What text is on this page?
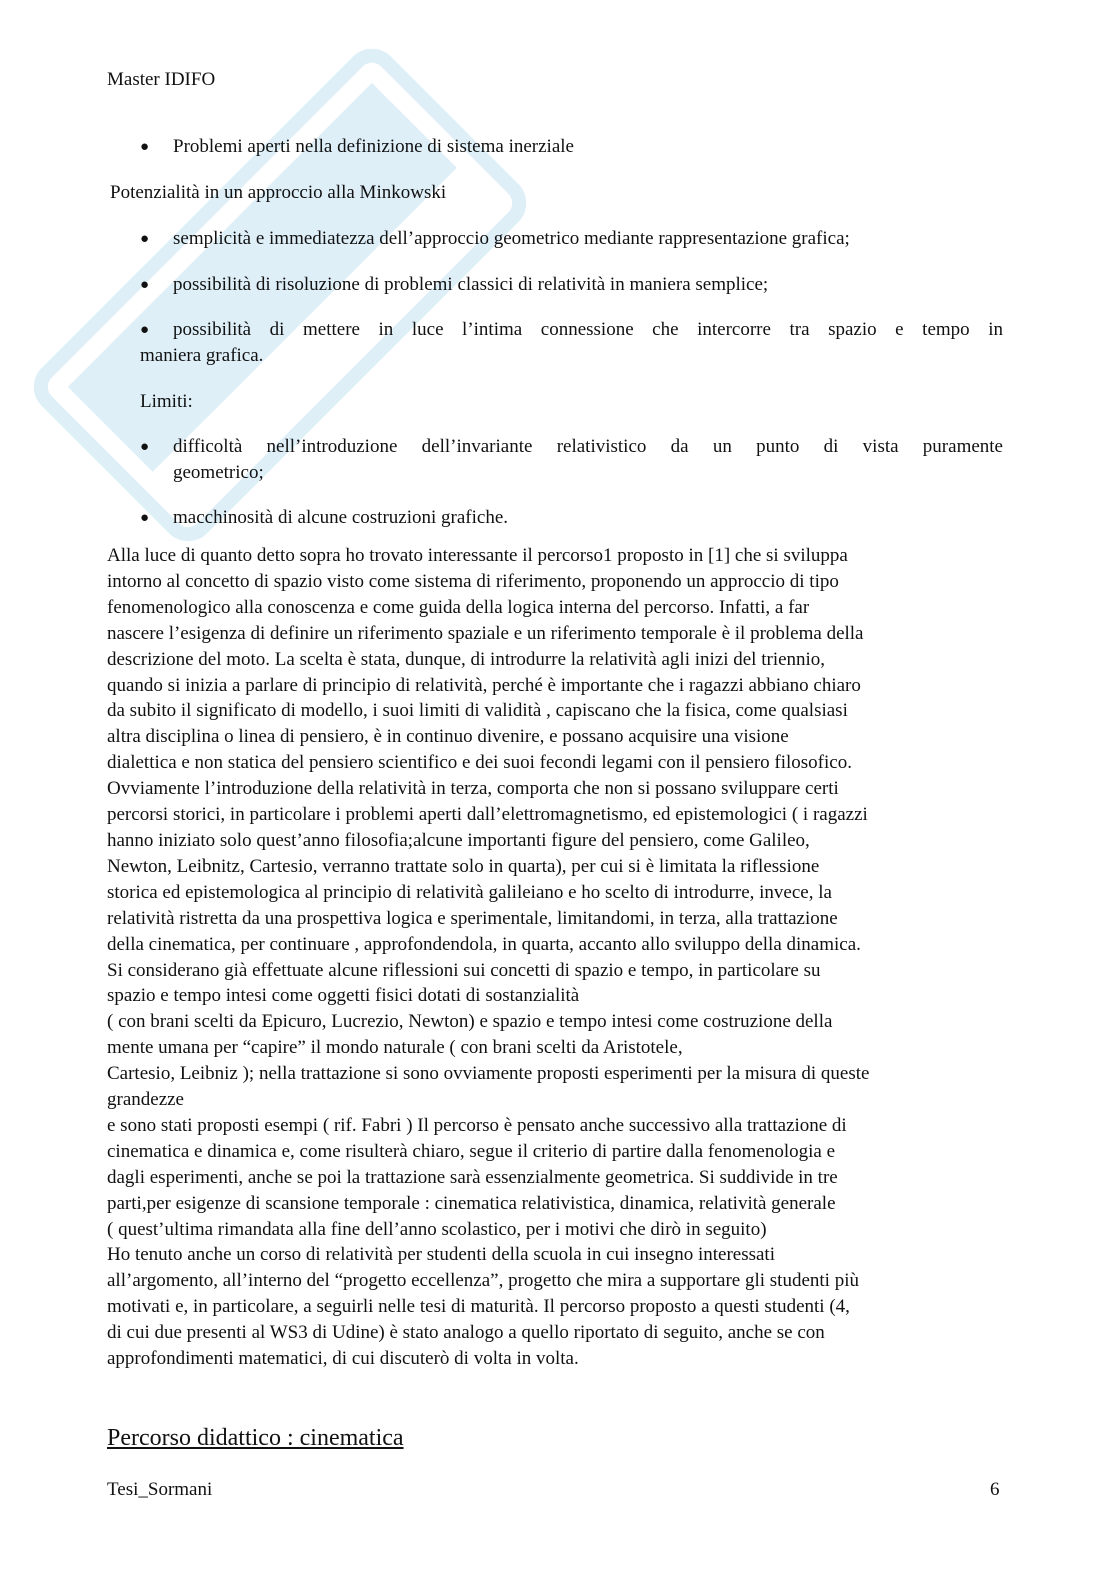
Master IDIFO
● Problemi aperti nella definizione di sistema inerziale
Potenzialità in un approccio alla Minkowski
● semplicità e immediatezza dell’approccio geometrico mediante rappresentazione grafica;
● possibilità di risoluzione di problemi classici di relatività in maniera semplice;
● possibilità di mettere in luce l’intima connessione che intercorre tra spazio e tempo in
maniera grafica.
Limiti:
● difficoltà nell’introduzione dell’invariante relativistico da un punto di vista puramente
geometrico;
● macchinosità di alcune costruzioni grafiche.
Alla luce di quanto detto sopra ho trovato interessante il percorso1 proposto in [1] che si sviluppa
intorno al concetto di spazio visto come sistema di riferimento, proponendo un approccio di tipo
fenomenologico alla conoscenza e come guida della logica interna del percorso. Infatti, a far
nascere l’esigenza di definire un riferimento spaziale e un riferimento temporale è il problema della
descrizione del moto. La scelta è stata, dunque, di introdurre la relatività agli inizi del triennio,
quando si inizia a parlare di principio di relatività, perché è importante che i ragazzi abbiano chiaro
da subito il significato di modello, i suoi limiti di validità , capiscano che la fisica, come qualsiasi
altra disciplina o linea di pensiero, è in continuo divenire, e possano acquisire una visione
dialettica e non statica del pensiero scientifico e dei suoi fecondi legami con il pensiero filosofico.
Ovviamente l’introduzione della relatività in terza, comporta che non si possano sviluppare certi
percorsi storici, in particolare i problemi aperti dall’elettromagnetismo, ed epistemologici ( i ragazzi
hanno iniziato solo quest’anno filosofia;alcune importanti figure del pensiero, come Galileo,
Newton, Leibnitz, Cartesio, verranno trattate solo in quarta), per cui si è limitata la riflessione
storica ed epistemologica al principio di relatività galileiano e ho scelto di introdurre, invece, la
relatività ristretta da una prospettiva logica e sperimentale, limitandomi, in terza, alla trattazione
della cinematica, per continuare , approfondendola, in quarta, accanto allo sviluppo della dinamica.
Si considerano già effettuate alcune riflessioni sui concetti di spazio e tempo, in particolare su
spazio e tempo intesi come oggetti fisici dotati di sostanzialità
( con brani scelti da Epicuro, Lucrezio, Newton) e spazio e tempo intesi come costruzione della
mente umana per “capire” il mondo naturale ( con brani scelti da Aristotele,
Cartesio, Leibniz ); nella trattazione si sono ovviamente proposti esperimenti per la misura di queste
grandezze
e sono stati proposti esempi ( rif. Fabri ) Il percorso è pensato anche successivo alla trattazione di
cinematica e dinamica e, come risulterà chiaro, segue il criterio di partire dalla fenomenologia e
dagli esperimenti, anche se poi la trattazione sarà essenzialmente geometrica. Si suddivide in tre
parti,per esigenze di scansione temporale : cinematica relativistica, dinamica, relatività generale
( quest’ultima rimandata alla fine dell’anno scolastico, per i motivi che dirò in seguito)
Ho tenuto anche un corso di relatività per studenti della scuola in cui insegno interessati
all’argomento, all’interno del “progetto eccellenza”, progetto che mira a supportare gli studenti più
motivati e, in particolare, a seguirli nelle tesi di maturità. Il percorso proposto a questi studenti (4,
di cui due presenti al WS3 di Udine) è stato analogo a quello riportato di seguito, anche se con
approfondimenti matematici, di cui discuterò di volta in volta.
Percorso didattico : cinematica
Tesi_Sormani	6
